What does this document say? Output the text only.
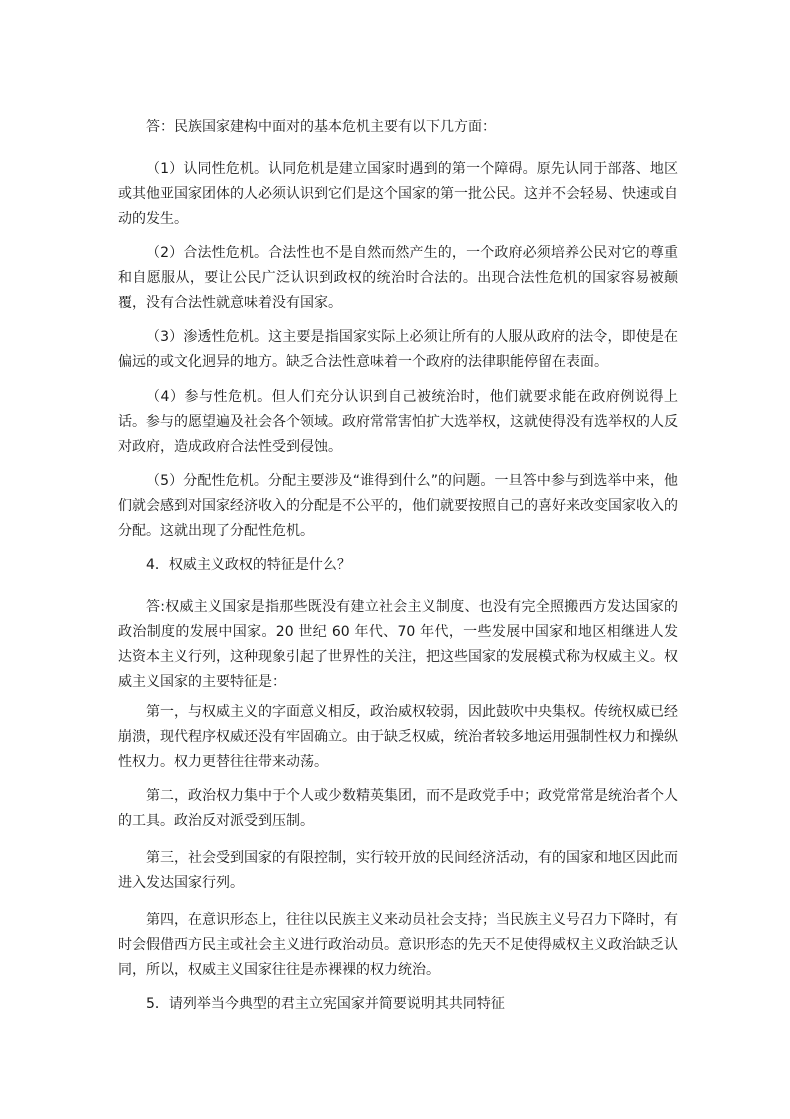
答：民族国家建构中面对的基本危机主要有以下几方面：

（1）认同性危机。认同危机是建立国家时遇到的第一个障碍。原先认同于部落、地区或其他亚国家团体的人必须认识到它们是这个国家的第一批公民。这并不会轻易、快速或自动的发生。

（2）合法性危机。合法性也不是自然而然产生的，一个政府必须培养公民对它的尊重和自愿服从，要让公民广泛认识到政权的统治时合法的。出现合法性危机的国家容易被颠覆，没有合法性就意味着没有国家。

（3）渗透性危机。这主要是指国家实际上必须让所有的人服从政府的法令，即使是在偏远的或文化迥异的地方。缺乏合法性意味着一个政府的法律职能停留在表面。

（4）参与性危机。但人们充分认识到自己被统治时，他们就要求能在政府例说得上话。参与的愿望遍及社会各个领域。政府常常害怕扩大选举权，这就使得没有选举权的人反对政府，造成政府合法性受到侵蚀。

（5）分配性危机。分配主要涉及“谁得到什么”的问题。一旦答中参与到选举中来，他们就会感到对国家经济收入的分配是不公平的，他们就要按照自己的喜好来改变国家收入的分配。这就出现了分配性危机。

4．权威主义政权的特征是什么？

答:权威主义国家是指那些既没有建立社会主义制度、也没有完全照搬西方发达国家的政治制度的发展中国家。20 世纪 60 年代、70 年代，一些发展中国家和地区相继进人发达资本主义行列，这种现象引起了世界性的关注，把这些国家的发展模式称为权威主义。权威主义国家的主要特征是：

第一，与权威主义的字面意义相反，政治威权较弱，因此鼓吹中央集权。传统权威已经崩溃，现代程序权威还没有牢固确立。由于缺乏权威，统治者较多地运用强制性权力和操纵性权力。权力更替往往带来动荡。

第二，政治权力集中于个人或少数精英集团，而不是政党手中；政党常常是统治者个人的工具。政治反对派受到压制。

第三，社会受到国家的有限控制，实行较开放的民间经济活动，有的国家和地区因此而进入发达国家行列。

第四，在意识形态上，往往以民族主义来动员社会支持；当民族主义号召力下降时，有时会假借西方民主或社会主义进行政治动员。意识形态的先天不足使得威权主义政治缺乏认同，所以，权威主义国家往往是赤裸裸的权力统治。

5．请列举当今典型的君主立宪国家并简要说明其共同特征
